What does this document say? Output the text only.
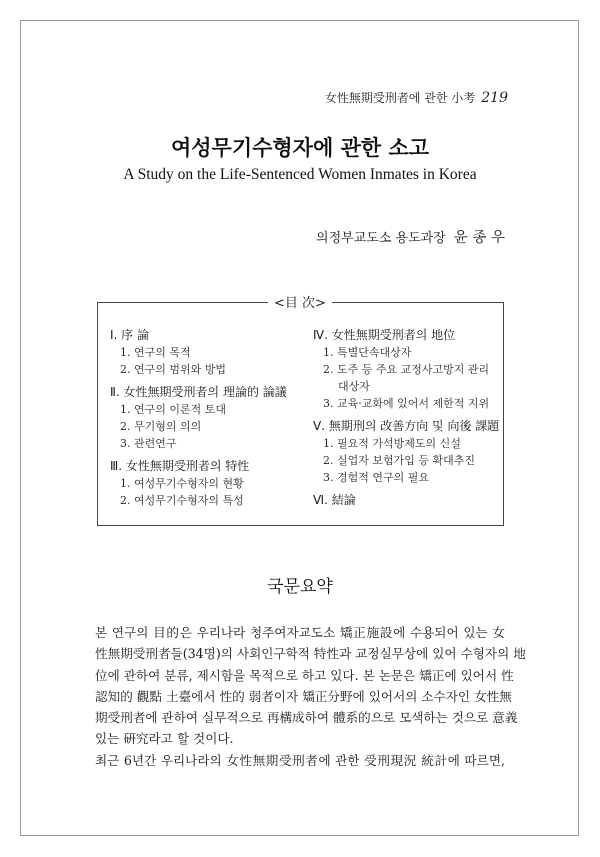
女性無期受刑者에 관한 小考 219
여성무기수형자에 관한 소고
A Study on the Life-Sentenced Women Inmates in Korea
의정부교도소 용도과장 윤 종 우
Ⅰ. 序 論
1. 연구의 목적
2. 연구의 범위와 방법
Ⅱ. 女性無期受刑者의 理論的 論議
1. 연구의 이론적 토대
2. 무기형의 의의
3. 관련연구
Ⅲ. 女性無期受刑者의 特性
1. 여성무기수형자의 현황
2. 여성무기수형자의 특성
Ⅳ. 女性無期受刑者의 地位
1. 특별단속대상자
2. 도주 등 주요 교정사고방지 관리
대상자
3. 교육·교화에 있어서 제한적 지위
Ⅴ. 無期刑의 改善方向 및 向後 課題
1. 필요적 가석방제도의 신설
2. 실업자 보험가입 등 확대추진
3. 경험적 연구의 필요
Ⅵ. 結論
<目 次>
국문요약
본 연구의 目的은 우리나라 청주여자교도소 矯正施設에 수용되어 있는 女
性無期受刑者들(34명)의 사회인구학적 特性과 교정실무상에 있어 수형자의 地
位에 관하여 분류, 제시함을 목적으로 하고 있다. 본 논문은 矯正에 있어서 性
認知的 觀點 土臺에서 性的 弱者이자 矯正分野에 있어서의 소수자인 女性無
期受刑者에 관하여 실무적으로 再構成하여 體系的으로 모색하는 것으로 意義
있는 硏究라고 할 것이다.
최근 6년간 우리나라의 女性無期受刑者에 관한 受刑現況 統計에 따르면,
